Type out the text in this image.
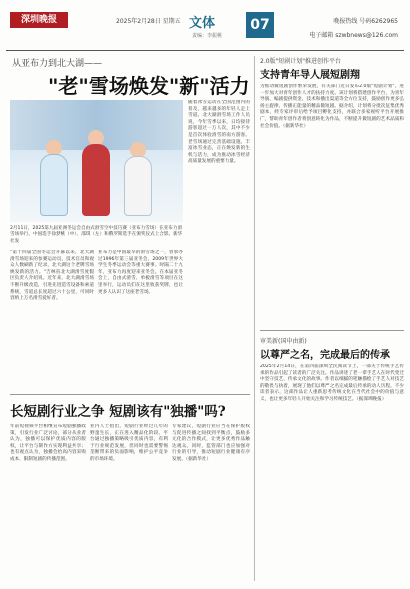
深圳晚报	2025年2月28日 星期五 文体
责编：李振桃
07	晚报热线 号码6262965
电子邮箱 szwbnews@126.com
从亚布力到北大湖——
"老"雪场焕发"新"活力
2月11日，2025第九届亚洲冬运会自由式滑雪空中技巧赛（亚布力雪场）在亚布力滑雪场举行，中国选手徐梦桃（中）、邵琪（左）和俄罗斯选手在颁奖仪式上合影。新华社发
"第十四届全国冬运会开幕以来，北大湖滑雪场迎来的参赛运动员、技术官员和观众人数刷新了纪录，北大湖这个老牌雪场焕发新的活力。"吉林省北大湖滑雪度假区负责人介绍说。近年来，北大湖滑雪场不断升级改造，引进先进造雪设备和索道系统，雪道总长度超过六十公里，可同时容纳上万名滑雪爱好者。
亚布力是中国最早的滑雪场之一，曾承办过1996年第三届亚冬会、2009年世界大学生冬季运动会等重大赛事。时隔二十九年，亚布力再度迎来亚冬会。在本届亚冬会上，自由式滑雪、单板滑雪等项目在这里举行，运动员们在这里收获奖牌，也让更多人认识了这座老雪场。
随着冰雪运动在全国范围内的普及，越来越多的年轻人走上雪道。北大湖滑雪场工作人员说，今年雪季以来，日均接待游客超过一万人次，其中不少是首次体验滑雪的南方游客。老雪场通过完善基础设施、丰富冰雪业态，正在焕发新的生机与活力，成为推动冰雪经济高质量发展的重要力量。
长短剧行业之争 短剧该有"独播"吗?
年前短视频平台相继宣布短剧独播政策，引发行业广泛讨论。部分从业者认为，独播可以保护优质内容的版权，让平台与制作方实现利益共享；也有观点认为，独播会抬高内容采购成本，限制短剧的传播范围。
业内人士指出，短剧行业经过几年的野蛮生长，正在进入精品化阶段。平台通过独播策略吸引优质内容，有利于行业规范发展，但同时也需要警惕垄断带来的负面影响，维护公平竞争的市场环境。
专家建议，短剧行业应当在保护版权与促进传播之间找到平衡点，鼓励多元化的合作模式，让更多优秀作品触达观众。同时，监管部门也应加强对行业的引导，推动短剧行业健康有序发展。（据新华社）
2.0版"短剧计划"推进创作平台
支持青年导人展短剧翔
为推动微短剧创作繁荣发展，有关部门近日发布2.0版"短剧计划"，进一步加大对青年创作人才的扶持力度。该计划将搭建创作平台，为青年导演、编剧提供资金、技术和播出渠道等全方位支持，鼓励创作更多弘扬主旋律、传播正能量的精品微短剧。据介绍，计划将分批次征集优秀剧本，经专家评审后给予项目孵化支持，并联合多家视听平台开展推广，帮助青年创作者将创意转化为作品，不断提升微短剧的艺术品质和社会价值。（据新华社）
审美新(国申由新)
以尊严之名，完成最后的传承
2025年2月14日，在第四届深圳全民阅读节上，一部关于传统手艺传承的作品引起了读者的广泛关注。作品讲述了老一辈手艺人在时代变迁中坚守技艺、传承文化的故事。作者以细腻的笔触描绘了手艺人对技艺的敬畏与执着，展现了他们以尊严之名完成最后传承的动人历程。不少读者表示，这部作品让人重新思考传统文化在当代社会中的价值与意义，也让更多年轻人开始关注和学习传统技艺。（据深圳晚报）
